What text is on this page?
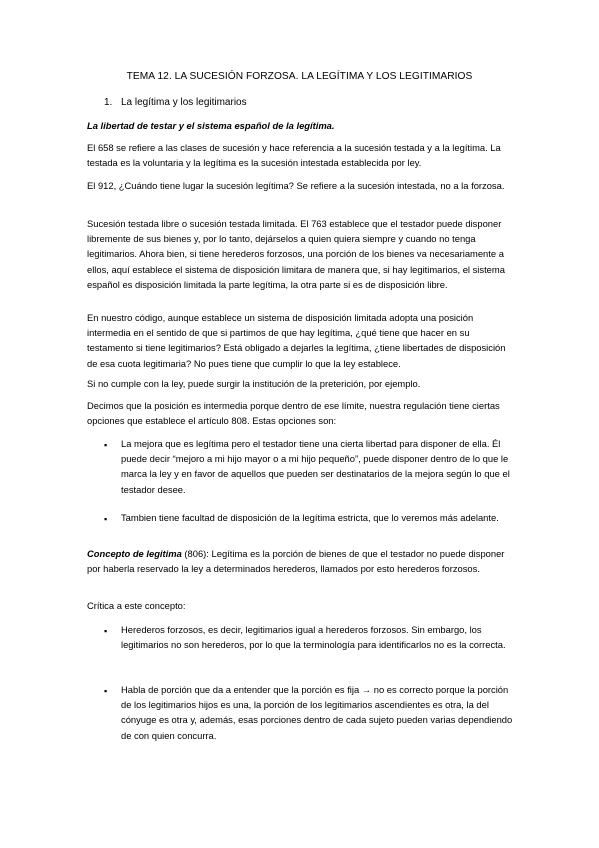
TEMA 12. LA SUCESIÓN FORZOSA. LA LEGÍTIMA Y LOS LEGITIMARIOS
1. La legítima y los legitimarios
La libertad de testar y el sistema español de la legítima.
El 658 se refiere a las clases de sucesión y hace referencia a la sucesión testada y a la legítima. La testada es la voluntaria y la legítima es la sucesión intestada establecida por ley.
El 912, ¿Cuándo tiene lugar la sucesión legítima? Se refiere a la sucesión intestada, no a la forzosa.
Sucesión testada libre o sucesión testada limitada. El 763 establece que el testador puede disponer libremente de sus bienes y, por lo tanto, dejárselos a quien quiera siempre y cuando no tenga legitimarios. Ahora bien, si tiene herederos forzosos, una porción de los bienes va necesariamente a ellos, aquí establece el sistema de disposición limitara de manera que, si hay legitimarios, el sistema español es disposición limitada la parte legítima, la otra parte si es de disposición libre.
En nuestro código, aunque establece un sistema de disposición limitada adopta una posición intermedia en el sentido de que si partimos de que hay legítima, ¿qué tiene que hacer en su testamento si tiene legitimarios? Está obligado a dejarles la legítima, ¿tiene libertades de disposición de esa cuota legitimaria? No pues tiene que cumplir lo que la ley establece.
Si no cumple con la ley, puede surgir la institución de la preterición, por ejemplo.
Decimos que la posición es intermedia porque dentro de ese límite, nuestra regulación tiene ciertas opciones que establece el artículo 808. Estas opciones son:
▪ La mejora que es legítima pero el testador tiene una cierta libertad para disponer de ella. Él puede decir “mejoro a mi hijo mayor o a mi hijo pequeño”, puede disponer dentro de lo que le marca la ley y en favor de aquellos que pueden ser destinatarios de la mejora según lo que el testador desee.
▪ Tambien tiene facultad de disposición de la legítima estricta, que lo veremos más adelante.
Concepto de legitima (806): Legítima es la porción de bienes de que el testador no puede disponer por haberla reservado la ley a determinados herederos, llamados por esto herederos forzosos.
Crítica a este concepto:
▪ Herederos forzosos, es decir, legitimarios igual a herederos forzosos. Sin embargo, los legitimarios no son herederos, por lo que la terminología para identificarlos no es la correcta.
▪ Habla de porción que da a entender que la porción es fija → no es correcto porque la porción de los legitimarios hijos es una, la porción de los legitimarios ascendientes es otra, la del cónyuge es otra y, además, esas porciones dentro de cada sujeto pueden varias dependiendo de con quien concurra.
